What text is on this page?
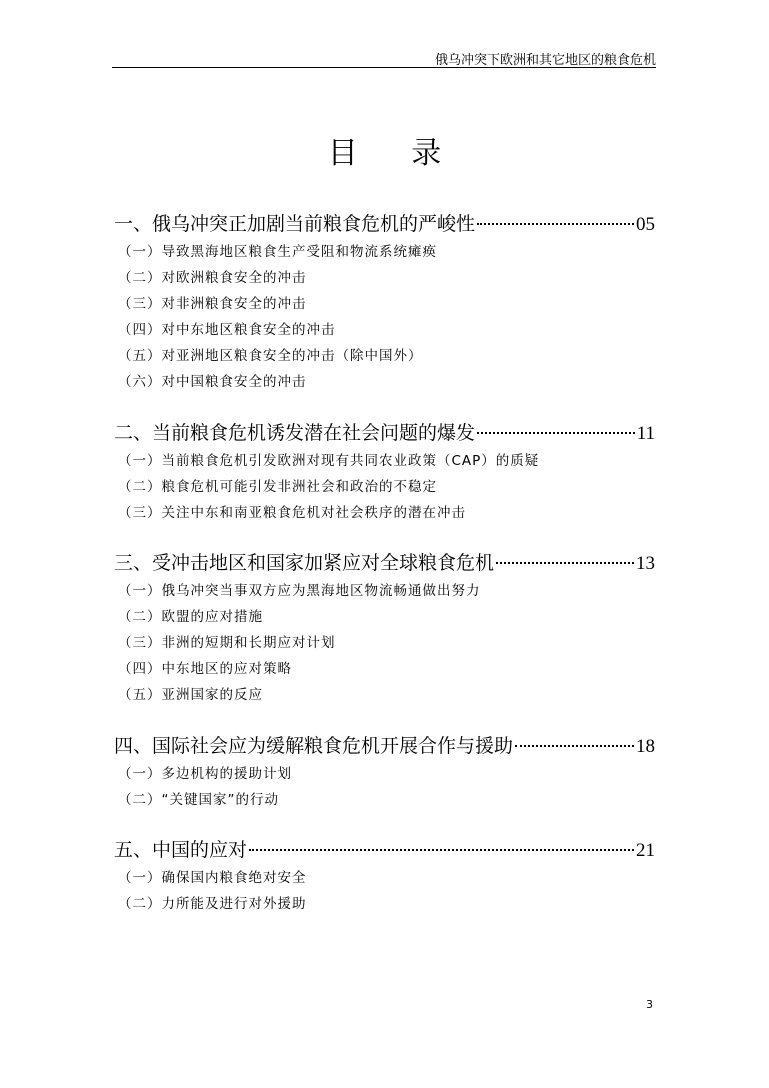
俄乌冲突下欧洲和其它地区的粮食危机
目 录
一、俄乌冲突正加剧当前粮食危机的严峻性	05
（一）导致黑海地区粮食生产受阻和物流系统瘫痪
（二）对欧洲粮食安全的冲击
（三）对非洲粮食安全的冲击
（四）对中东地区粮食安全的冲击
（五）对亚洲地区粮食安全的冲击（除中国外）
（六）对中国粮食安全的冲击
二、当前粮食危机诱发潜在社会问题的爆发	11
（一）当前粮食危机引发欧洲对现有共同农业政策（CAP）的质疑
（二）粮食危机可能引发非洲社会和政治的不稳定
（三）关注中东和南亚粮食危机对社会秩序的潜在冲击
三、受冲击地区和国家加紧应对全球粮食危机	13
（一）俄乌冲突当事双方应为黑海地区物流畅通做出努力
（二）欧盟的应对措施
（三）非洲的短期和长期应对计划
（四）中东地区的应对策略
（五）亚洲国家的反应
四、国际社会应为缓解粮食危机开展合作与援助	18
（一）多边机构的援助计划
（二）“关键国家”的行动
五、中国的应对	21
（一）确保国内粮食绝对安全
（二）力所能及进行对外援助
3
